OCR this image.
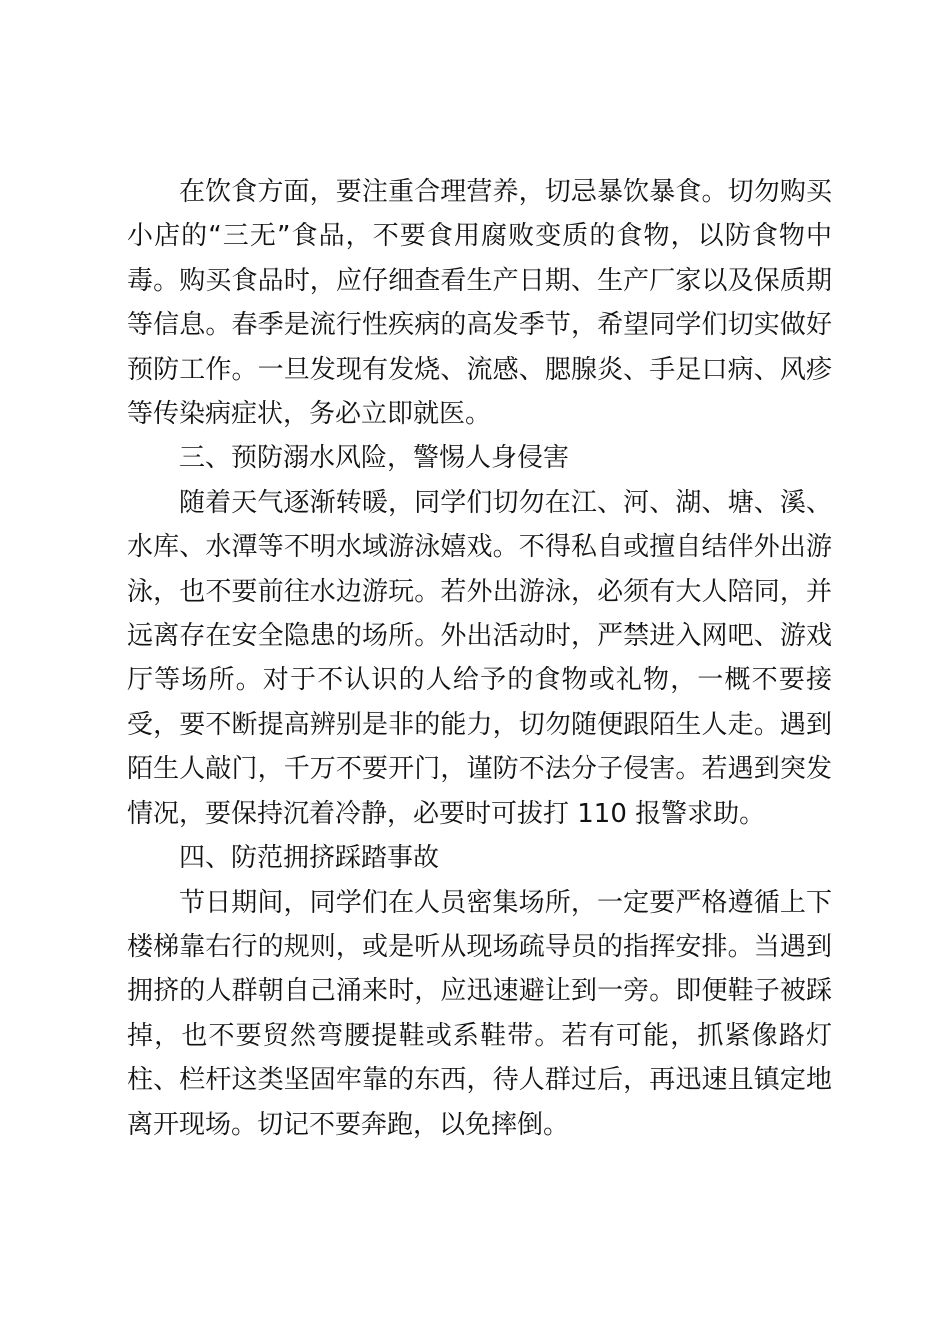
在饮食方面，要注重合理营养，切忌暴饮暴食。切勿购买小店的“三无”食品，不要食用腐败变质的食物，以防食物中毒。购买食品时，应仔细查看生产日期、生产厂家以及保质期等信息。春季是流行性疾病的高发季节，希望同学们切实做好预防工作。一旦发现有发烧、流感、腮腺炎、手足口病、风疹等传染病症状，务必立即就医。

三、预防溺水风险，警惕人身侵害

随着天气逐渐转暖，同学们切勿在江、河、湖、塘、溪、水库、水潭等不明水域游泳嬉戏。不得私自或擅自结伴外出游泳，也不要前往水边游玩。若外出游泳，必须有大人陪同，并远离存在安全隐患的场所。外出活动时，严禁进入网吧、游戏厅等场所。对于不认识的人给予的食物或礼物，一概不要接受，要不断提高辨别是非的能力，切勿随便跟陌生人走。遇到陌生人敲门，千万不要开门，谨防不法分子侵害。若遇到突发情况，要保持沉着冷静，必要时可拔打 110 报警求助。

四、防范拥挤踩踏事故

节日期间，同学们在人员密集场所，一定要严格遵循上下楼梯靠右行的规则，或是听从现场疏导员的指挥安排。当遇到拥挤的人群朝自己涌来时，应迅速避让到一旁。即便鞋子被踩掉，也不要贸然弯腰提鞋或系鞋带。若有可能，抓紧像路灯柱、栏杆这类坚固牢靠的东西，待人群过后，再迅速且镇定地离开现场。切记不要奔跑，以免摔倒。
